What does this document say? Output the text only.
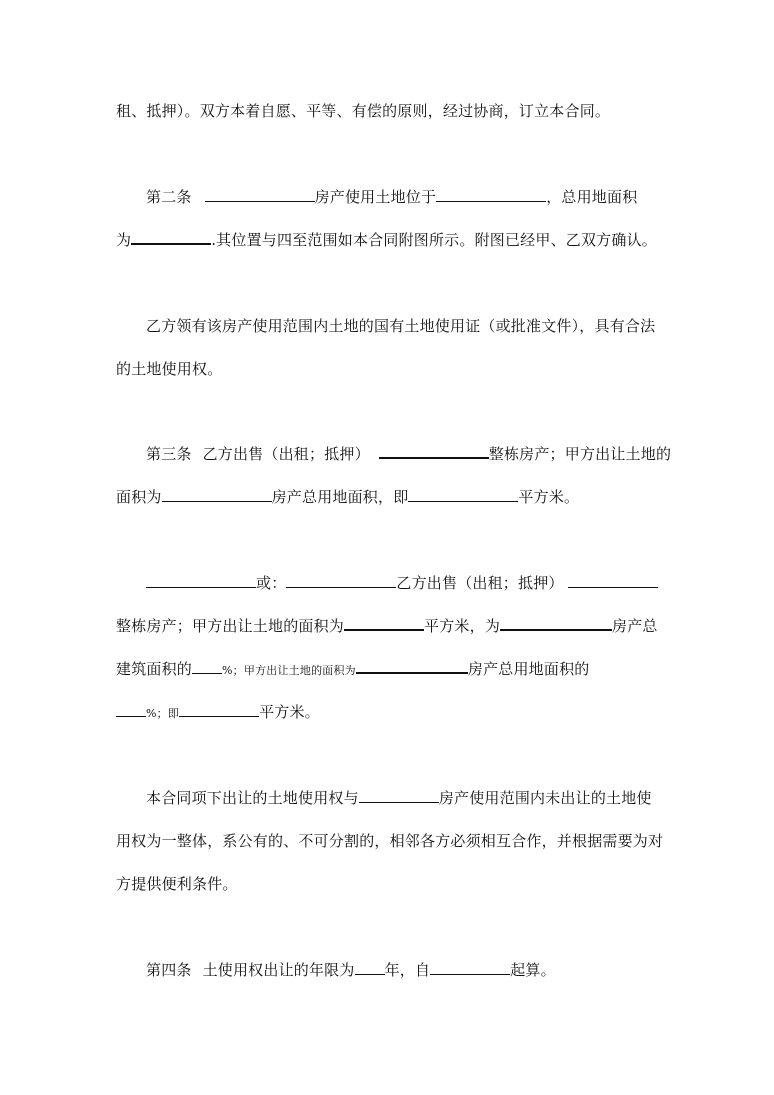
租、抵押）。双方本着自愿、平等、有偿的原则，经过协商，订立本合同。
第二条	房产使用土地位于	，总用地面积
为	.其位置与四至范围如本合同附图所示。附图已经甲、乙双方确认。
乙方领有该房产使用范围内土地的国有土地使用证（或批准文件），具有合法
的土地使用权。
第三条 乙方出售（出租；抵押）	整栋房产；甲方出让土地的
面积为	房产总用地面积，即	平方米。
或：	乙方出售（出租；抵押）
整栋房产；甲方出让土地的面积为	平方米，为	房产总
建筑面积的	%；甲方出让土地的面积为	房产总用地面积的
%；即	平方米。
本合同项下出让的土地使用权与	房产使用范围内未出让的土地使
用权为一整体，系公有的、不可分割的，相邻各方必须相互合作，并根据需要为对
方提供便利条件。
第四条 土使用权出让的年限为 年，自	起算。
